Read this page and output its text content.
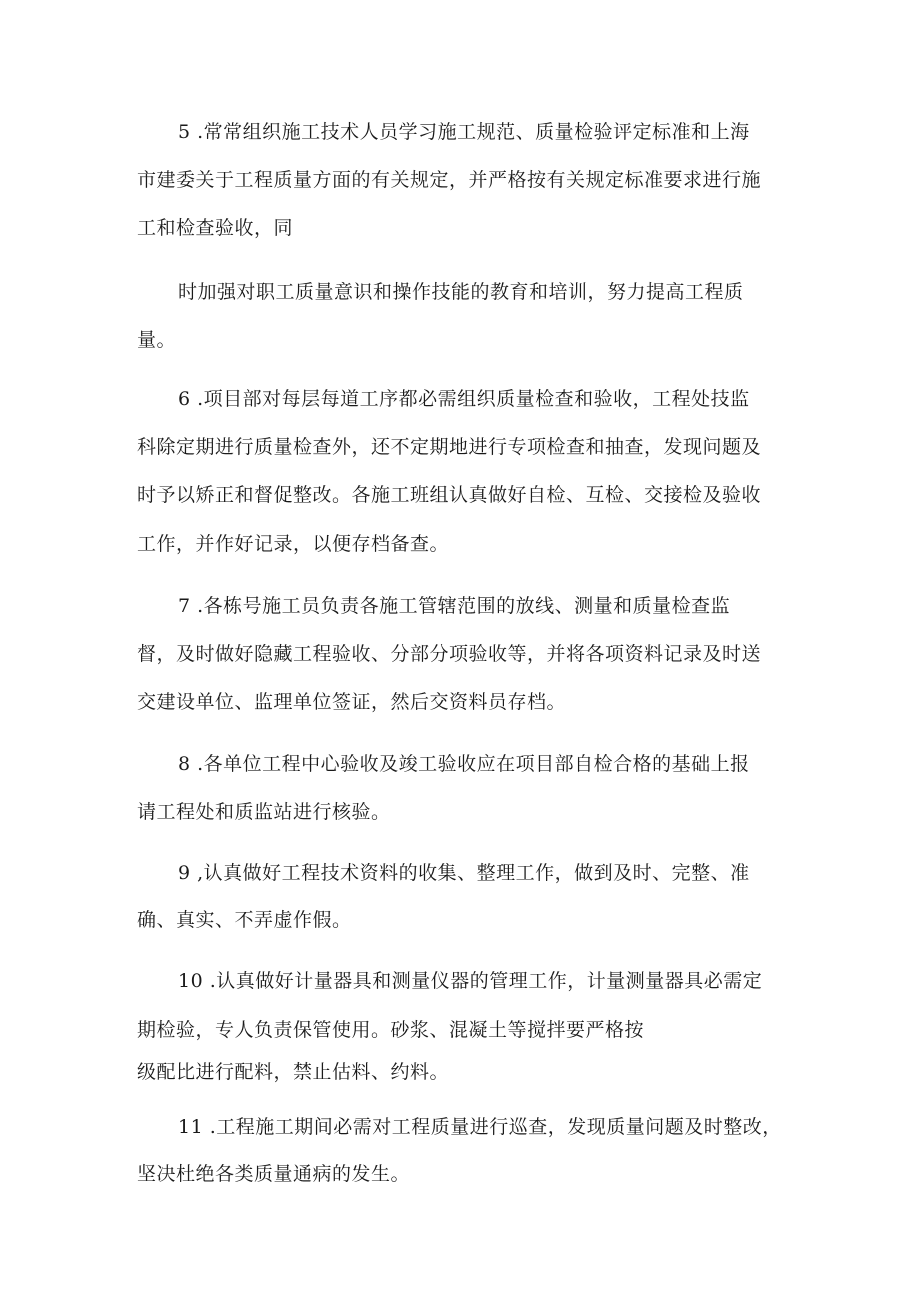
5 .常常组织施工技术人员学习施工规范、质量检验评定标准和上海
市建委关于工程质量方面的有关规定，并严格按有关规定标准要求进行施
工和检查验收，同
时加强对职工质量意识和操作技能的教育和培训，努力提高工程质
量。
6 .项目部对每层每道工序都必需组织质量检查和验收，工程处技监
科除定期进行质量检查外，还不定期地进行专项检查和抽查，发现问题及
时予以矫正和督促整改。各施工班组认真做好自检、互检、交接检及验收
工作，并作好记录，以便存档备查。
7 .各栋号施工员负责各施工管辖范围的放线、测量和质量检查监
督，及时做好隐藏工程验收、分部分项验收等，并将各项资料记录及时送
交建设单位、监理单位签证，然后交资料员存档。
8 .各单位工程中心验收及竣工验收应在项目部自检合格的基础上报
请工程处和质监站进行核验。
9 ,认真做好工程技术资料的收集、整理工作，做到及时、完整、准
确、真实、不弄虚作假。
10 .认真做好计量器具和测量仪器的管理工作，计量测量器具必需定
期检验，专人负责保管使用。砂浆、混凝土等搅拌要严格按
级配比进行配料，禁止估料、约料。
11 .工程施工期间必需对工程质量进行巡查，发现质量问题及时整改，
坚决杜绝各类质量通病的发生。
